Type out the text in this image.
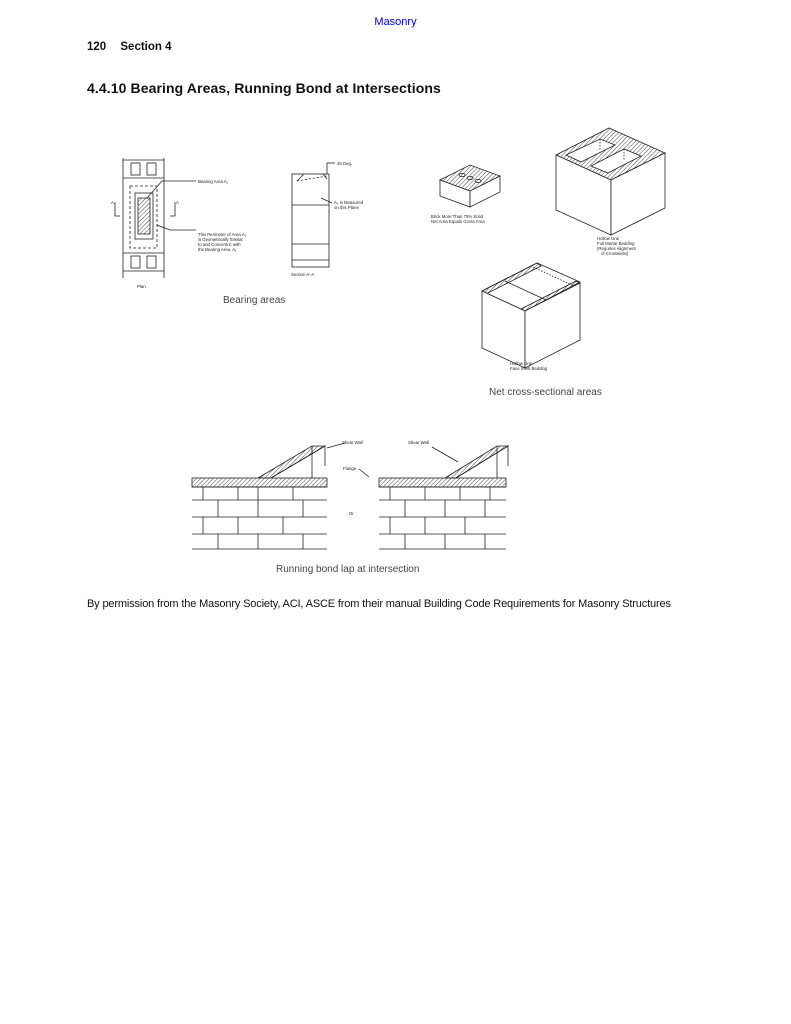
Masonry
120 Section 4
4.4.10 Bearing Areas, Running Bond at Intersections
Bearing Area A₁
A	A
This Perimeter of Area A₂
is Geometrically Similar
to and Concentric with
the Bearing Area, A₁
Plan
45 Deg.
A₂ is Measured
on this Plane
Section A–A
Bearing areas
Brick More Than 75% Solid
Net Area Equals Gross Area
Hollow Unit
Full Mortar Bedding
(Requires Alignment
of Crosswebs)
Hollow Unit
Face Shell Bedding
Net cross-sectional areas
Shear Wall	Shear Wall
Flange
Or
Running bond lap at intersection
By permission from the Masonry Society, ACI, ASCE from their manual Building Code Requirements for Masonry Structures
